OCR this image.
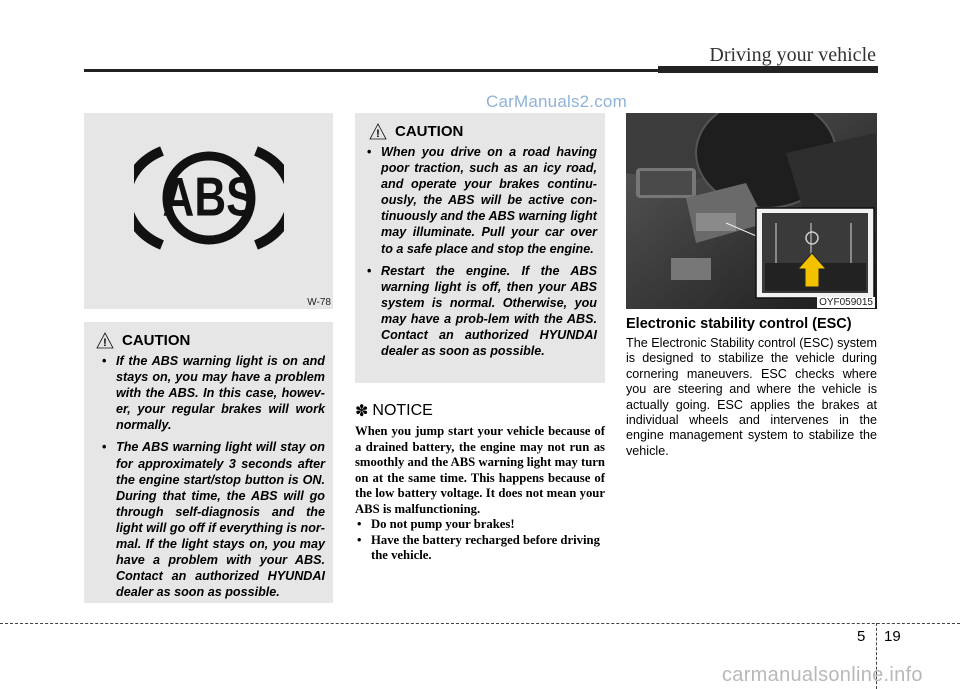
Driving your vehicle
CarManuals2.com
ABS
W-78
! CAUTION
• If the ABS warning light is on and stays on, you may have a problem with the ABS. In this case, howev-er, your regular brakes will work normally.
• The ABS warning light will stay on for approximately 3 seconds after the engine start/stop button is ON. During that time, the ABS will go through self-diagnosis and the light will go off if everything is nor-mal. If the light stays on, you may have a problem with your ABS. Contact an authorized HYUNDAI dealer as soon as possible.
! CAUTION
• When you drive on a road having poor traction, such as an icy road, and operate your brakes continu-ously, the ABS will be active con-tinuously and the ABS warning light may illuminate. Pull your car over to a safe place and stop the engine.
• Restart the engine. If the ABS warning light is off, then your ABS system is normal. Otherwise, you may have a prob-lem with the ABS. Contact an authorized HYUNDAI dealer as soon as possible.
✽ NOTICE
When you jump start your vehicle because of a drained battery, the engine may not run as smoothly and the ABS warning light may turn on at the same time. This happens because of the low battery voltage. It does not mean your ABS is malfunctioning.
• Do not pump your brakes!
• Have the battery recharged before driving the vehicle.
OYF059015
Electronic stability control (ESC)
The Electronic Stability control (ESC) system is designed to stabilize the vehicle during cornering maneuvers. ESC checks where you are steering and where the vehicle is actually going. ESC applies the brakes at individual wheels and intervenes in the engine management system to stabilize the vehicle.
5 19
carmanualsonline.info
